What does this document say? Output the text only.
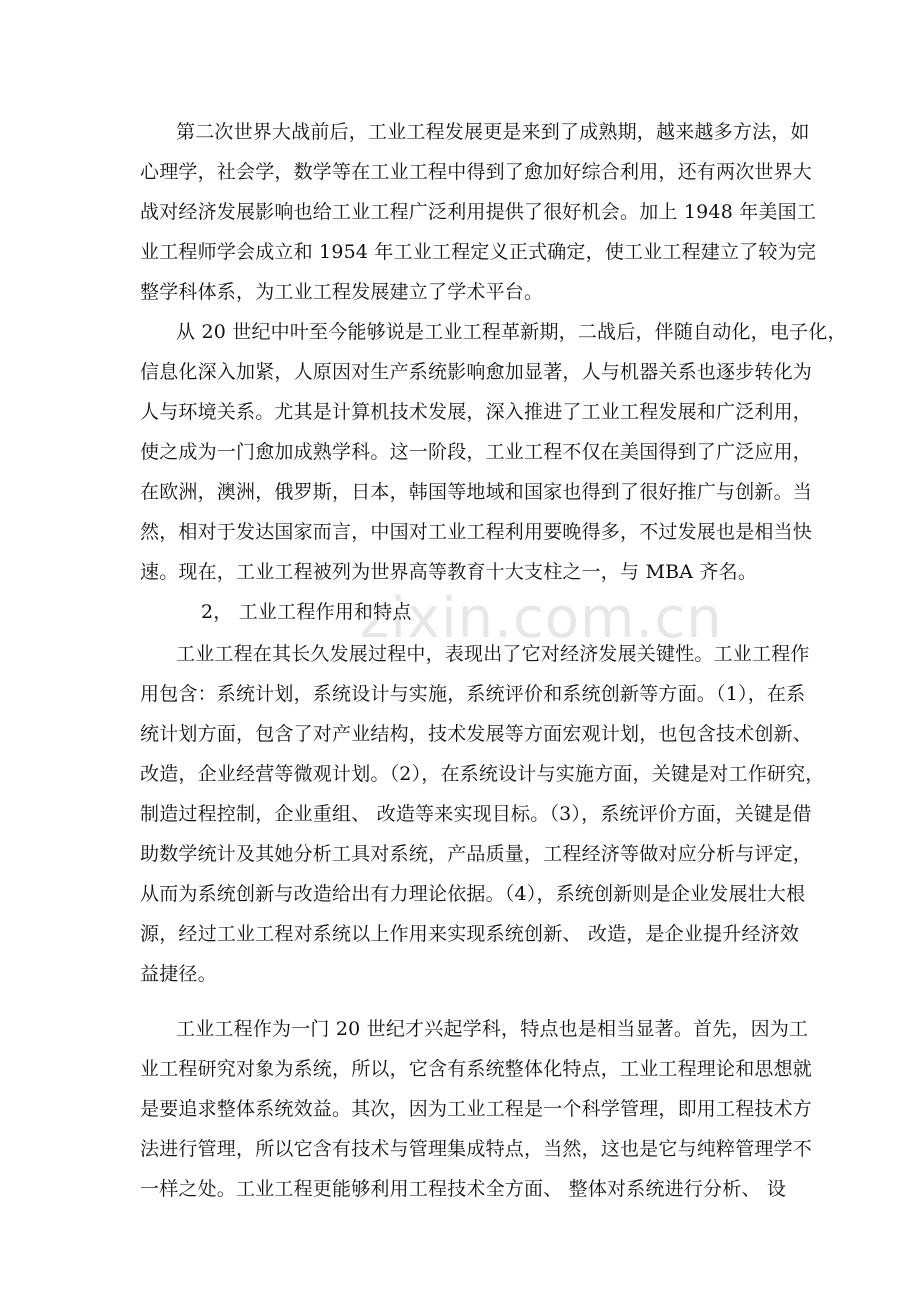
zixin.com.cn
第二次世界大战前后，工业工程发展更是来到了成熟期，越来越多方法，如
心理学，社会学，数学等在工业工程中得到了愈加好综合利用，还有两次世界大
战对经济发展影响也给工业工程广泛利用提供了很好机会。加上 1948 年美国工
业工程师学会成立和 1954 年工业工程定义正式确定，使工业工程建立了较为完
整学科体系，为工业工程发展建立了学术平台。
从 20 世纪中叶至今能够说是工业工程革新期，二战后，伴随自动化，电子化，
信息化深入加紧，人原因对生产系统影响愈加显著，人与机器关系也逐步转化为
人与环境关系。尤其是计算机技术发展，深入推进了工业工程发展和广泛利用，
使之成为一门愈加成熟学科。这一阶段，工业工程不仅在美国得到了广泛应用，
在欧洲，澳洲，俄罗斯，日本，韩国等地域和国家也得到了很好推广与创新。当
然，相对于发达国家而言，中国对工业工程利用要晚得多，不过发展也是相当快
速。现在，工业工程被列为世界高等教育十大支柱之一，与 MBA 齐名。
2， 工业工程作用和特点
工业工程在其长久发展过程中，表现出了它对经济发展关键性。工业工程作
用包含：系统计划，系统设计与实施，系统评价和系统创新等方面。（1），在系
统计划方面，包含了对产业结构，技术发展等方面宏观计划，也包含技术创新、
改造，企业经营等微观计划。（2），在系统设计与实施方面，关键是对工作研究，
制造过程控制，企业重组、 改造等来实现目标。（3），系统评价方面，关键是借
助数学统计及其她分析工具对系统，产品质量，工程经济等做对应分析与评定，
从而为系统创新与改造给出有力理论依据。（4），系统创新则是企业发展壮大根
源，经过工业工程对系统以上作用来实现系统创新、 改造，是企业提升经济效
益捷径。
工业工程作为一门 20 世纪才兴起学科，特点也是相当显著。首先，因为工
业工程研究对象为系统，所以，它含有系统整体化特点，工业工程理论和思想就
是要追求整体系统效益。其次，因为工业工程是一个科学管理，即用工程技术方
法进行管理，所以它含有技术与管理集成特点，当然，这也是它与纯粹管理学不
一样之处。工业工程更能够利用工程技术全方面、 整体对系统进行分析、 设
